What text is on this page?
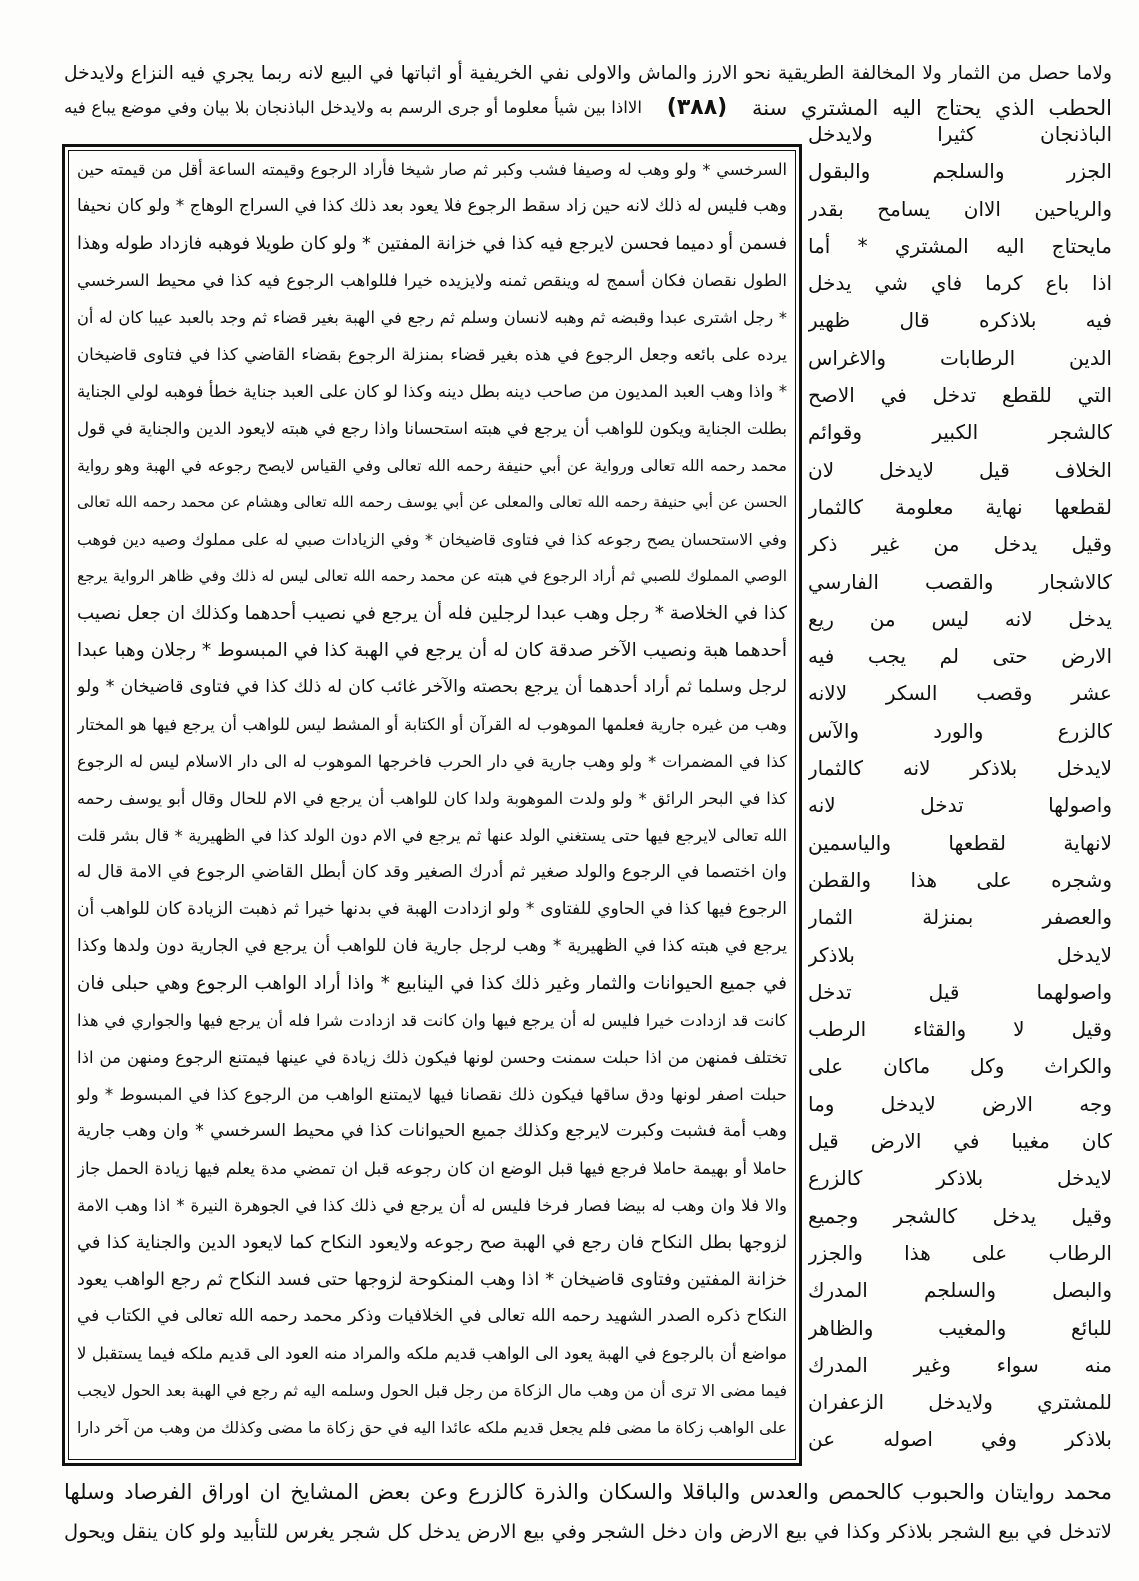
ولاما حصل من الثمار ولا المخالفة الطريقية نحو الارز والماش والاولى نفي الخريفية أو اثباتها في البيع لانه ربما يجري فيه النزاع ولايدخل
الحطب الذي يحتاج اليه المشتري سنة
(٣٨٨)
الااذا بين شيأ معلوما أو جرى الرسم به ولايدخل الباذنجان بلا بيان وفي موضع يباع فيه
السرخسي * ولو وهب له وصيفا فشب وكبر ثم صار شيخا فأراد الرجوع وقيمته الساعة أقل من قيمته حين
وهب فليس له ذلك لانه حين زاد سقط الرجوع فلا يعود بعد ذلك كذا في السراج الوهاج * ولو كان نحيفا
فسمن أو دميما فحسن لايرجع فيه كذا في خزانة المفتين * ولو كان طويلا فوهبه فازداد طوله وهذا
الطول نقصان فكان أسمج له وينقص ثمنه ولايزيده خيرا فللواهب الرجوع فيه كذا في محيط السرخسي
* رجل اشترى عبدا وقبضه ثم وهبه لانسان وسلم ثم رجع في الهبة بغير قضاء ثم وجد بالعبد عيبا كان له أن
يرده على بائعه وجعل الرجوع في هذه بغير قضاء بمنزلة الرجوع بقضاء القاضي كذا في فتاوى قاضيخان
* واذا وهب العبد المديون من صاحب دينه بطل دينه وكذا لو كان على العبد جناية خطأ فوهبه لولي الجناية
بطلت الجناية ويكون للواهب أن يرجع في هبته استحسانا واذا رجع في هبته لايعود الدين والجناية في قول
محمد رحمه الله تعالى ورواية عن أبي حنيفة رحمه الله تعالى وفي القياس لايصح رجوعه في الهبة وهو رواية
الحسن عن أبي حنيفة رحمه الله تعالى والمعلى عن أبي يوسف رحمه الله تعالى وهشام عن محمد رحمه الله تعالى
وفي الاستحسان يصح رجوعه كذا في فتاوى قاضيخان * وفي الزيادات صبي له على مملوك وصيه دين فوهب
الوصي المملوك للصبي ثم أراد الرجوع في هبته عن محمد رحمه الله تعالى ليس له ذلك وفي ظاهر الرواية يرجع
كذا في الخلاصة * رجل وهب عبدا لرجلين فله أن يرجع في نصيب أحدهما وكذلك ان جعل نصيب
أحدهما هبة ونصيب الآخر صدقة كان له أن يرجع في الهبة كذا في المبسوط * رجلان وهبا عبدا
لرجل وسلما ثم أراد أحدهما أن يرجع بحصته والآخر غائب كان له ذلك كذا في فتاوى قاضيخان * ولو
وهب من غيره جارية فعلمها الموهوب له القرآن أو الكتابة أو المشط ليس للواهب أن يرجع فيها هو المختار
كذا في المضمرات * ولو وهب جارية في دار الحرب فاخرجها الموهوب له الى دار الاسلام ليس له الرجوع
كذا في البحر الرائق * ولو ولدت الموهوبة ولدا كان للواهب أن يرجع في الام للحال وقال أبو يوسف رحمه
الله تعالى لايرجع فيها حتى يستغني الولد عنها ثم يرجع في الام دون الولد كذا في الظهيرية * قال بشر قلت
وان اختصما في الرجوع والولد صغير ثم أدرك الصغير وقد كان أبطل القاضي الرجوع في الامة قال له
الرجوع فيها كذا في الحاوي للفتاوى * ولو ازدادت الهبة في بدنها خيرا ثم ذهبت الزيادة كان للواهب أن
يرجع في هبته كذا في الظهيرية * وهب لرجل جارية فان للواهب أن يرجع في الجارية دون ولدها وكذا
في جميع الحيوانات والثمار وغير ذلك كذا في الينابيع * واذا أراد الواهب الرجوع وهي حبلى فان
كانت قد ازدادت خيرا فليس له أن يرجع فيها وان كانت قد ازدادت شرا فله أن يرجع فيها والجواري في هذا
تختلف فمنهن من اذا حبلت سمنت وحسن لونها فيكون ذلك زيادة في عينها فيمتنع الرجوع ومنهن من اذا
حبلت اصفر لونها ودق ساقها فيكون ذلك نقصانا فيها لايمتنع الواهب من الرجوع كذا في المبسوط * ولو
وهب أمة فشبت وكبرت لايرجع وكذلك جميع الحيوانات كذا في محيط السرخسي * وان وهب جارية
حاملا أو بهيمة حاملا فرجع فيها قبل الوضع ان كان رجوعه قبل ان تمضي مدة يعلم فيها زيادة الحمل جاز
والا فلا وان وهب له بيضا فصار فرخا فليس له أن يرجع في ذلك كذا في الجوهرة النيرة * اذا وهب الامة
لزوجها بطل النكاح فان رجع في الهبة صح رجوعه ولايعود النكاح كما لايعود الدين والجناية كذا في
خزانة المفتين وفتاوى قاضيخان * اذا وهب المنكوحة لزوجها حتى فسد النكاح ثم رجع الواهب يعود
النكاح ذكره الصدر الشهيد رحمه الله تعالى في الخلافيات وذكر محمد رحمه الله تعالى في الكتاب في
مواضع أن بالرجوع في الهبة يعود الى الواهب قديم ملكه والمراد منه العود الى قديم ملكه فيما يستقبل لا
فيما مضى الا ترى أن من وهب مال الزكاة من رجل قبل الحول وسلمه اليه ثم رجع في الهبة بعد الحول لايجب
على الواهب زكاة ما مضى فلم يجعل قديم ملكه عائدا اليه في حق زكاة ما مضى وكذلك من وهب من آخر دارا
الباذنجان كثيرا ولايدخل
الجزر والسلجم والبقول
والرياحين الاان يسامح بقدر
مايحتاج اليه المشتري * أما
اذا باع كرما فاي شي يدخل
فيه بلاذكره قال ظهير
الدين الرطابات والاغراس
التي للقطع تدخل في الاصح
كالشجر الكبير وقوائم
الخلاف قيل لايدخل لان
لقطعها نهاية معلومة كالثمار
وقيل يدخل من غير ذكر
كالاشجار والقصب الفارسي
يدخل لانه ليس من ريع
الارض حتى لم يجب فيه
عشر وقصب السكر لالانه
كالزرع والورد والآس
لايدخل بلاذكر لانه كالثمار
واصولها تدخل لانه
لانهاية لقطعها والياسمين
وشجره على هذا والقطن
والعصفر بمنزلة الثمار
لايدخل بلاذكر
واصولهما قيل تدخل
وقيل لا والقثاء الرطب
والكراث وكل ماكان على
وجه الارض لايدخل وما
كان مغيبا في الارض قيل
لايدخل بلاذكر كالزرع
وقيل يدخل كالشجر وجميع
الرطاب على هذا والجزر
والبصل والسلجم المدرك
للبائع والمغيب والظاهر
منه سواء وغير المدرك
للمشتري ولايدخل الزعفران
بلاذكر وفي اصوله عن
محمد روايتان والحبوب كالحمص والعدس والباقلا والسكان والذرة كالزرع وعن بعض المشايخ ان اوراق الفرصاد وسلها
لاتدخل في بيع الشجر بلاذكر وكذا في بيع الارض وان دخل الشجر وفي بيع الارض يدخل كل شجر يغرس للتأبيد ولو كان ينقل ويحول
